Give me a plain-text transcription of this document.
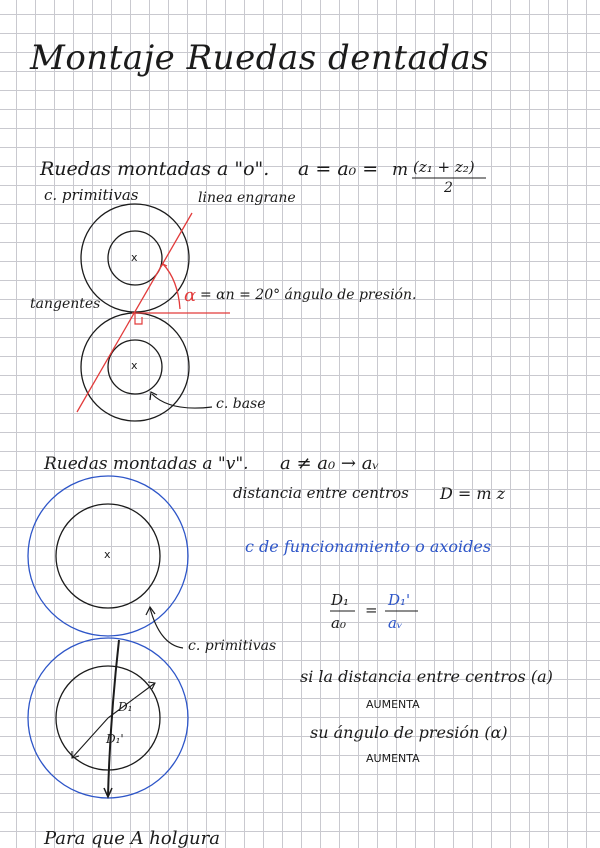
Montaje Ruedas dentadas
Ruedas montadas a "o". a = a₀ = m (z₁ + z₂)
2
c. primitivas	linea engrane
tangentes	α = αn = 20° ángulo de presión.
c. base
x
x
Ruedas montadas a "v". a ≠ a₀ → aᵥ
distancia entre centros D = m z
c de funcionamiento o axoides
D₁
a₀
=
D₁'
aᵥ
c. primitivas
D₁
D₁'
x
si la distancia entre centros (a)
AUMENTA
su ángulo de presión (α)
AUMENTA
Para que A holgura
